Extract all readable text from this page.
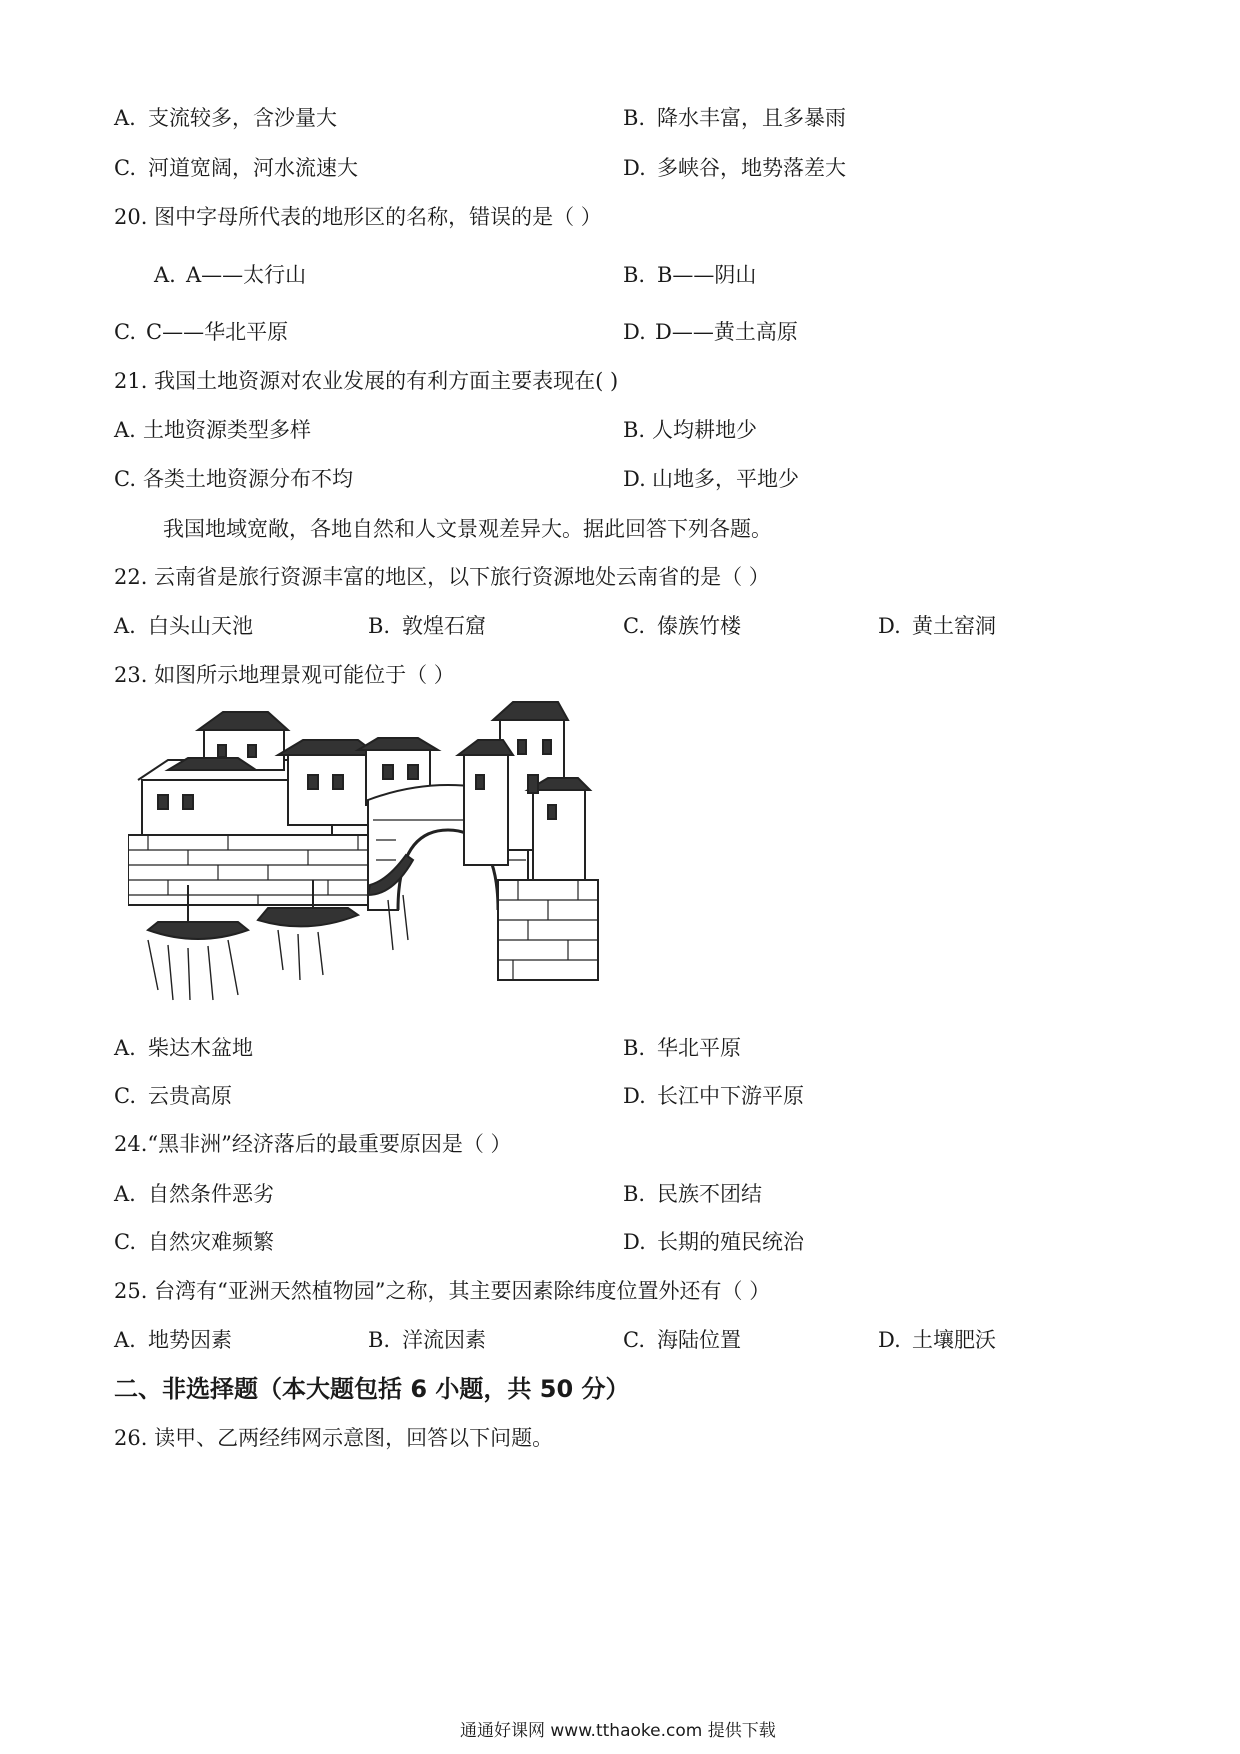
A. 支流较多，含沙量大	B. 降水丰富，且多暴雨
C. 河道宽阔，河水流速大	D. 多峡谷，地势落差大
20. 图中字母所代表的地形区的名称，错误的是（ ）
A. A——太行山	B. B——阴山
C. C——华北平原	D. D——黄土高原
21. 我国土地资源对农业发展的有利方面主要表现在( )
A. 土地资源类型多样	B. 人均耕地少
C. 各类土地资源分布不均	D. 山地多，平地少
我国地域宽敞，各地自然和人文景观差异大。据此回答下列各题。
22. 云南省是旅行资源丰富的地区，以下旅行资源地处云南省的是（ ）
A. 白头山天池	B. 敦煌石窟	C. 傣族竹楼	D. 黄土窑洞
23. 如图所示地理景观可能位于（ ）
A. 柴达木盆地	B. 华北平原
C. 云贵高原	D. 长江中下游平原
24.“黑非洲”经济落后的最重要原因是（ ）
A. 自然条件恶劣	B. 民族不团结
C. 自然灾难频繁	D. 长期的殖民统治
25. 台湾有“亚洲天然植物园”之称，其主要因素除纬度位置外还有（ ）
A. 地势因素	B. 洋流因素	C. 海陆位置	D. 土壤肥沃
二、非选择题（本大题包括 6 小题，共 50 分）
26. 读甲、乙两经纬网示意图，回答以下问题。
通通好课网 www.tthaoke.com 提供下载
